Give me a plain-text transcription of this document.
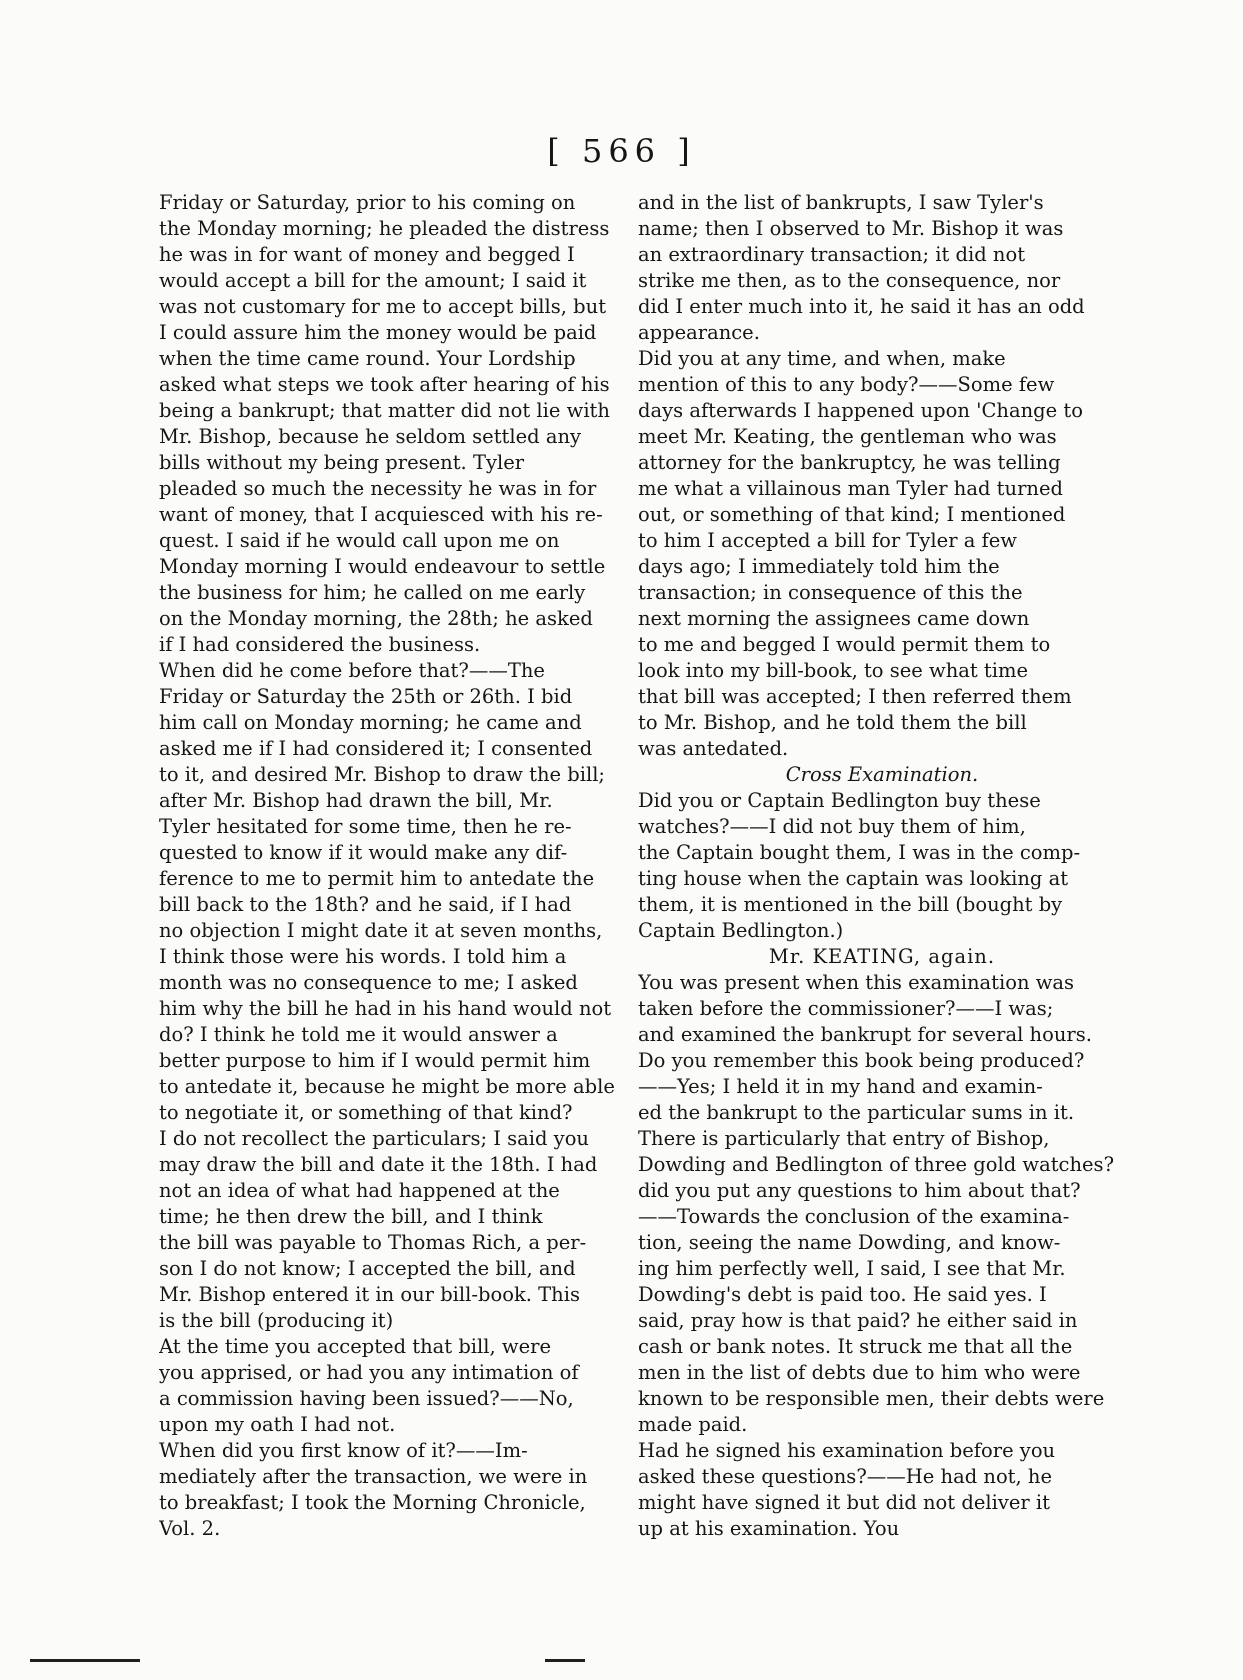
[ 566 ]
Friday or Saturday, prior to his coming on
the Monday morning; he pleaded the distress
he was in for want of money and begged I
would accept a bill for the amount; I said it
was not customary for me to accept bills, but
I could assure him the money would be paid
when the time came round. Your Lordship
asked what steps we took after hearing of his
being a bankrupt; that matter did not lie with
Mr. Bishop, because he seldom settled any
bills without my being present. Tyler
pleaded so much the necessity he was in for
want of money, that I acquiesced with his re-
quest. I said if he would call upon me on
Monday morning I would endeavour to settle
the business for him; he called on me early
on the Monday morning, the 28th; he asked
if I had considered the business.
When did he come before that?——The
Friday or Saturday the 25th or 26th. I bid
him call on Monday morning; he came and
asked me if I had considered it; I consented
to it, and desired Mr. Bishop to draw the bill;
after Mr. Bishop had drawn the bill, Mr.
Tyler hesitated for some time, then he re-
quested to know if it would make any dif-
ference to me to permit him to antedate the
bill back to the 18th? and he said, if I had
no objection I might date it at seven months,
I think those were his words. I told him a
month was no consequence to me; I asked
him why the bill he had in his hand would not
do? I think he told me it would answer a
better purpose to him if I would permit him
to antedate it, because he might be more able
to negotiate it, or something of that kind?
I do not recollect the particulars; I said you
may draw the bill and date it the 18th. I had
not an idea of what had happened at the
time; he then drew the bill, and I think
the bill was payable to Thomas Rich, a per-
son I do not know; I accepted the bill, and
Mr. Bishop entered it in our bill-book. This
is the bill (producing it)
At the time you accepted that bill, were
you apprised, or had you any intimation of
a commission having been issued?——No,
upon my oath I had not.
When did you first know of it?——Im-
mediately after the transaction, we were in
to breakfast; I took the Morning Chronicle,
Vol. 2.
and in the list of bankrupts, I saw Tyler's
name; then I observed to Mr. Bishop it was
an extraordinary transaction; it did not
strike me then, as to the consequence, nor
did I enter much into it, he said it has an odd
appearance.
Did you at any time, and when, make
mention of this to any body?——Some few
days afterwards I happened upon 'Change to
meet Mr. Keating, the gentleman who was
attorney for the bankruptcy, he was telling
me what a villainous man Tyler had turned
out, or something of that kind; I mentioned
to him I accepted a bill for Tyler a few
days ago; I immediately told him the
transaction; in consequence of this the
next morning the assignees came down
to me and begged I would permit them to
look into my bill-book, to see what time
that bill was accepted; I then referred them
to Mr. Bishop, and he told them the bill
was antedated.
Cross Examination.
Did you or Captain Bedlington buy these
watches?——I did not buy them of him,
the Captain bought them, I was in the comp-
ting house when the captain was looking at
them, it is mentioned in the bill (bought by
Captain Bedlington.)
Mr. KEATING, again.
You was present when this examination was
taken before the commissioner?——I was;
and examined the bankrupt for several hours.
Do you remember this book being produced?
——Yes; I held it in my hand and examin-
ed the bankrupt to the particular sums in it.
There is particularly that entry of Bishop,
Dowding and Bedlington of three gold watches?
did you put any questions to him about that?
——Towards the conclusion of the examina-
tion, seeing the name Dowding, and know-
ing him perfectly well, I said, I see that Mr.
Dowding's debt is paid too. He said yes. I
said, pray how is that paid? he either said in
cash or bank notes. It struck me that all the
men in the list of debts due to him who were
known to be responsible men, their debts were
made paid.
Had he signed his examination before you
asked these questions?——He had not, he
might have signed it but did not deliver it
up at his examination. You
